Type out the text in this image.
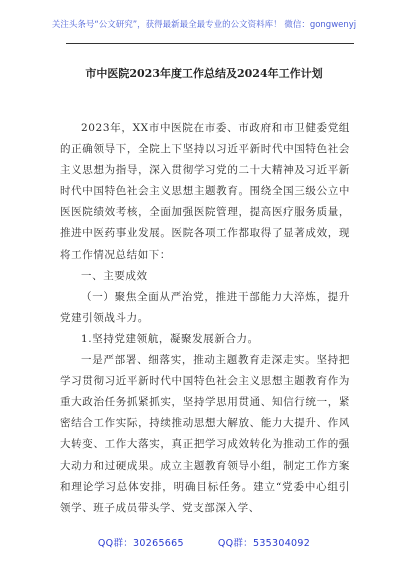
关注头条号“公文研究”，获得最新最全最专业的公文资料库！ 微信：gongwenyj
市中医院2023年度工作总结及2024年工作计划

2023年，XX市中医院在市委、市政府和市卫健委党组的正确领导下，全院上下坚持以习近平新时代中国特色社会主义思想为指导，深入贯彻学习党的二十大精神及习近平新时代中国特色社会主义思想主题教育。围绕全国三级公立中医医院绩效考核，全面加强医院管理，提高医疗服务质量，推进中医药事业发展。医院各项工作都取得了显著成效，现将工作情况总结如下：

一、主要成效

（一）聚焦全面从严治党，推进干部能力大淬炼，提升党建引领战斗力。

1.坚持党建领航，凝聚发展新合力。

一是严部署、细落实，推动主题教育走深走实。坚持把学习贯彻习近平新时代中国特色社会主义思想主题教育作为重大政治任务抓紧抓实，坚持学思用贯通、知信行统一，紧密结合工作实际，持续推动思想大解放、能力大提升、作风大转变、工作大落实，真正把学习成效转化为推动工作的强大动力和过硬成果。成立主题教育领导小组，制定工作方案和理论学习总体安排，明确目标任务。建立“党委中心组引领学、班子成员带头学、党支部深入学、

QQ群：30265665	QQ群：535304092
